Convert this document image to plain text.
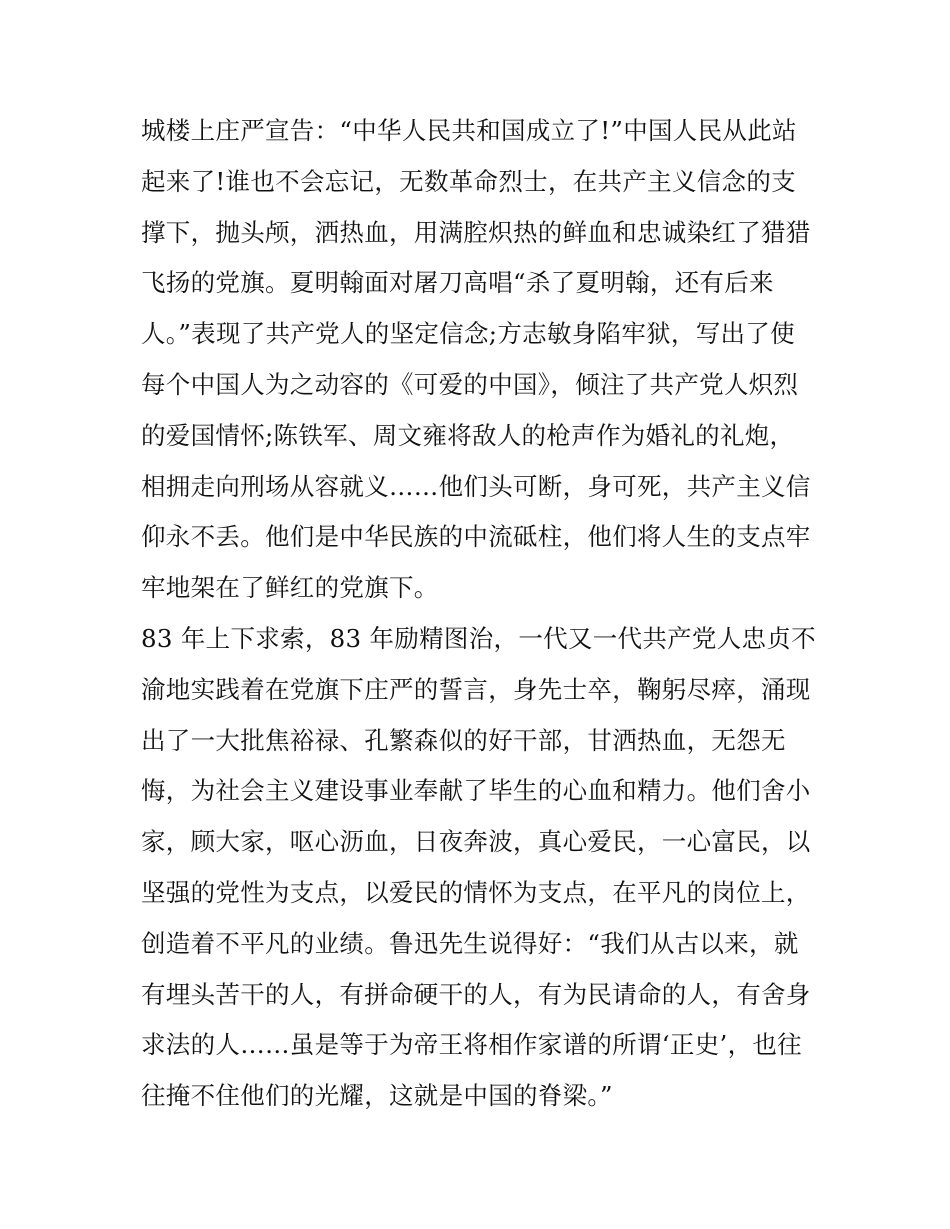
城楼上庄严宣告：“中华人民共和国成立了!”中国人民从此站
起来了!谁也不会忘记，无数革命烈士，在共产主义信念的支
撑下，抛头颅，洒热血，用满腔炽热的鲜血和忠诚染红了猎猎
飞扬的党旗。夏明翰面对屠刀高唱“杀了夏明翰，还有后来
人。”表现了共产党人的坚定信念;方志敏身陷牢狱，写出了使
每个中国人为之动容的《可爱的中国》，倾注了共产党人炽烈
的爱国情怀;陈铁军、周文雍将敌人的枪声作为婚礼的礼炮，
相拥走向刑场从容就义……他们头可断，身可死，共产主义信
仰永不丢。他们是中华民族的中流砥柱，他们将人生的支点牢
牢地架在了鲜红的党旗下。
83 年上下求索，83 年励精图治，一代又一代共产党人忠贞不
渝地实践着在党旗下庄严的誓言，身先士卒，鞠躬尽瘁，涌现
出了一大批焦裕禄、孔繁森似的好干部，甘洒热血，无怨无
悔，为社会主义建设事业奉献了毕生的心血和精力。他们舍小
家，顾大家，呕心沥血，日夜奔波，真心爱民，一心富民，以
坚强的党性为支点，以爱民的情怀为支点，在平凡的岗位上，
创造着不平凡的业绩。鲁迅先生说得好：“我们从古以来，就
有埋头苦干的人，有拼命硬干的人，有为民请命的人，有舍身
求法的人……虽是等于为帝王将相作家谱的所谓‘正史’，也往
往掩不住他们的光耀，这就是中国的脊梁。”
